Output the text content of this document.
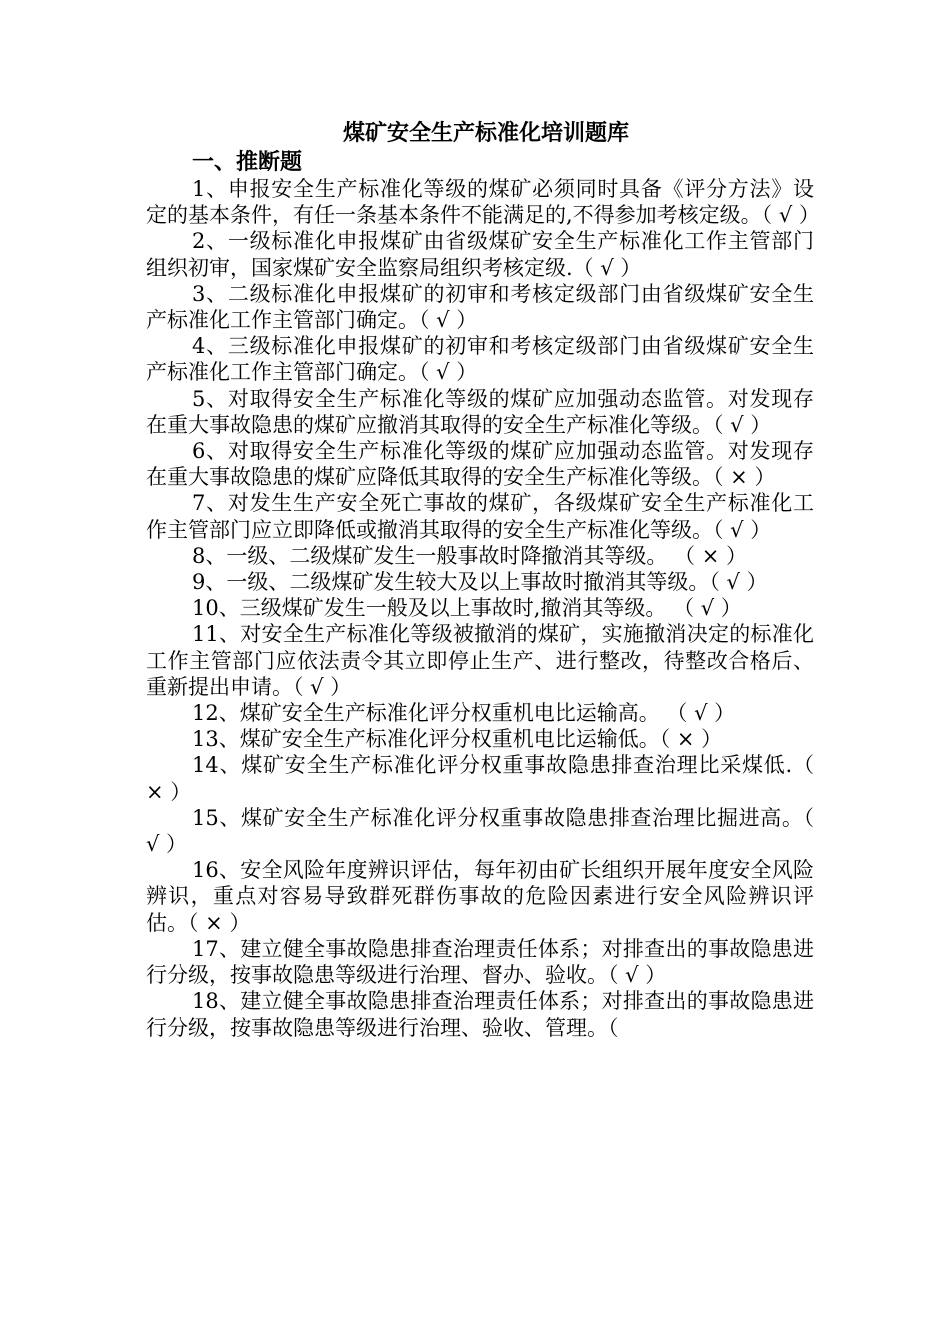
煤矿安全生产标准化培训题库
一、推断题

1、申报安全生产标准化等级的煤矿必须同时具备《评分方法》设定的基本条件，有任一条基本条件不能满足的,不得参加考核定级。（ √ ）

2、一级标准化申报煤矿由省级煤矿安全生产标准化工作主管部门组织初审，国家煤矿安全监察局组织考核定级.（ √ ）

3、二级标准化申报煤矿的初审和考核定级部门由省级煤矿安全生产标准化工作主管部门确定。（ √ ）

4、三级标准化申报煤矿的初审和考核定级部门由省级煤矿安全生产标准化工作主管部门确定。（ √ ）

5、对取得安全生产标准化等级的煤矿应加强动态监管。对发现存在重大事故隐患的煤矿应撤消其取得的安全生产标准化等级。（ √ ）

6、对取得安全生产标准化等级的煤矿应加强动态监管。对发现存在重大事故隐患的煤矿应降低其取得的安全生产标准化等级。（ × ）

7、对发生生产安全死亡事故的煤矿，各级煤矿安全生产标准化工作主管部门应立即降低或撤消其取得的安全生产标准化等级。（ √ ）

8、一级、二级煤矿发生一般事故时降撤消其等级。 （ × ）

9、一级、二级煤矿发生较大及以上事故时撤消其等级。（ √ ）

10、三级煤矿发生一般及以上事故时,撤消其等级。 （ √ ）

11、对安全生产标准化等级被撤消的煤矿，实施撤消决定的标准化工作主管部门应依法责令其立即停止生产、进行整改，待整改合格后、重新提出申请。（ √ ）

12、煤矿安全生产标准化评分权重机电比运输高。 （ √ ）

13、煤矿安全生产标准化评分权重机电比运输低。（ × ）

14、煤矿安全生产标准化评分权重事故隐患排查治理比采煤低.（ × ）

15、煤矿安全生产标准化评分权重事故隐患排查治理比掘进高。（ √ ）

16、安全风险年度辨识评估，每年初由矿长组织开展年度安全风险辨识，重点对容易导致群死群伤事故的危险因素进行安全风险辨识评估。（ × ）

17、建立健全事故隐患排查治理责任体系；对排查出的事故隐患进行分级，按事故隐患等级进行治理、督办、验收。（ √ ）

18、建立健全事故隐患排查治理责任体系；对排查出的事故隐患进行分级，按事故隐患等级进行治理、验收、管理。（
